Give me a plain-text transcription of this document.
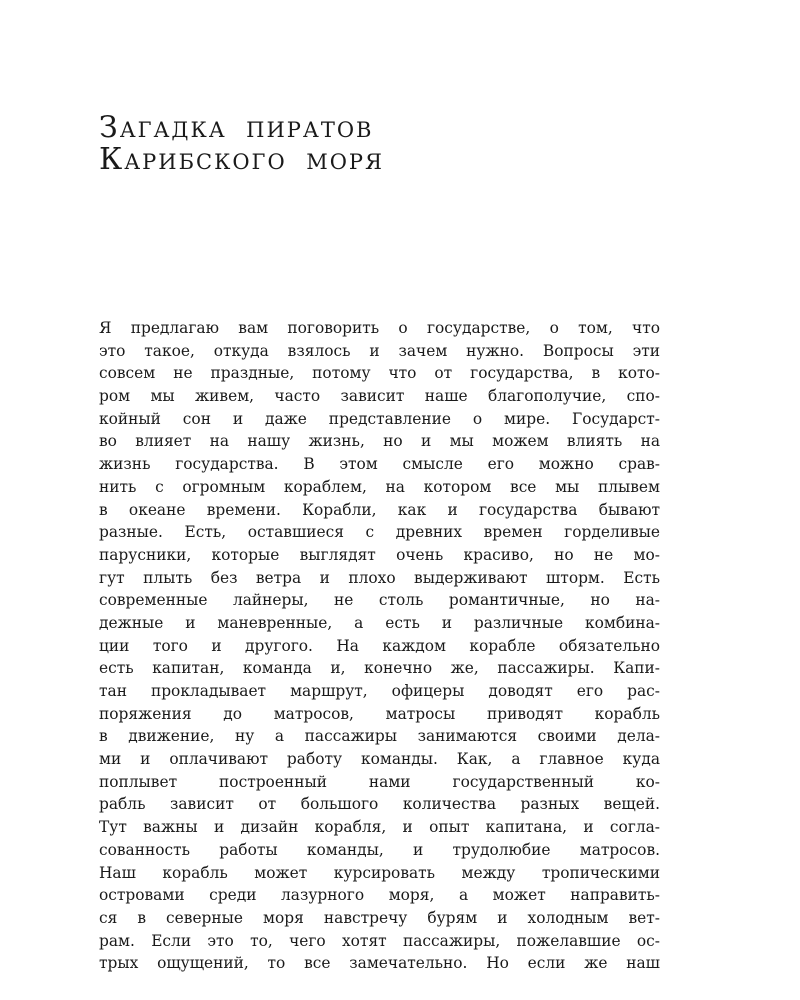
Загадка пиратов
Карибского моря
Я предлагаю вам поговорить о государстве, о том, что
это такое, откуда взялось и зачем нужно. Вопросы эти
совсем не праздные, потому что от государства, в кото-
ром мы живем, часто зависит наше благополучие, спо-
койный сон и даже представление о мире. Государст-
во влияет на нашу жизнь, но и мы можем влиять на
жизнь государства. В этом смысле его можно срав-
нить с огромным кораблем, на котором все мы плывем
в океане времени. Корабли, как и государства бывают
разные. Есть, оставшиеся с древних времен горделивые
парусники, которые выглядят очень красиво, но не мо-
гут плыть без ветра и плохо выдерживают шторм. Есть
современные лайнеры, не столь романтичные, но на-
дежные и маневренные, а есть и различные комбина-
ции того и другого. На каждом корабле обязательно
есть капитан, команда и, конечно же, пассажиры. Капи-
тан прокладывает маршрут, офицеры доводят его рас-
поряжения до матросов, матросы приводят корабль
в движение, ну а пассажиры занимаются своими дела-
ми и оплачивают работу команды. Как, а главное куда
поплывет построенный нами государственный ко-
рабль зависит от большого количества разных вещей.
Тут важны и дизайн корабля, и опыт капитана, и согла-
сованность работы команды, и трудолюбие матросов.
Наш корабль может курсировать между тропическими
островами среди лазурного моря, а может направить-
ся в северные моря навстречу бурям и холодным вет-
рам. Если это то, чего хотят пассажиры, пожелавшие ос-
трых ощущений, то все замечательно. Но если же наш
